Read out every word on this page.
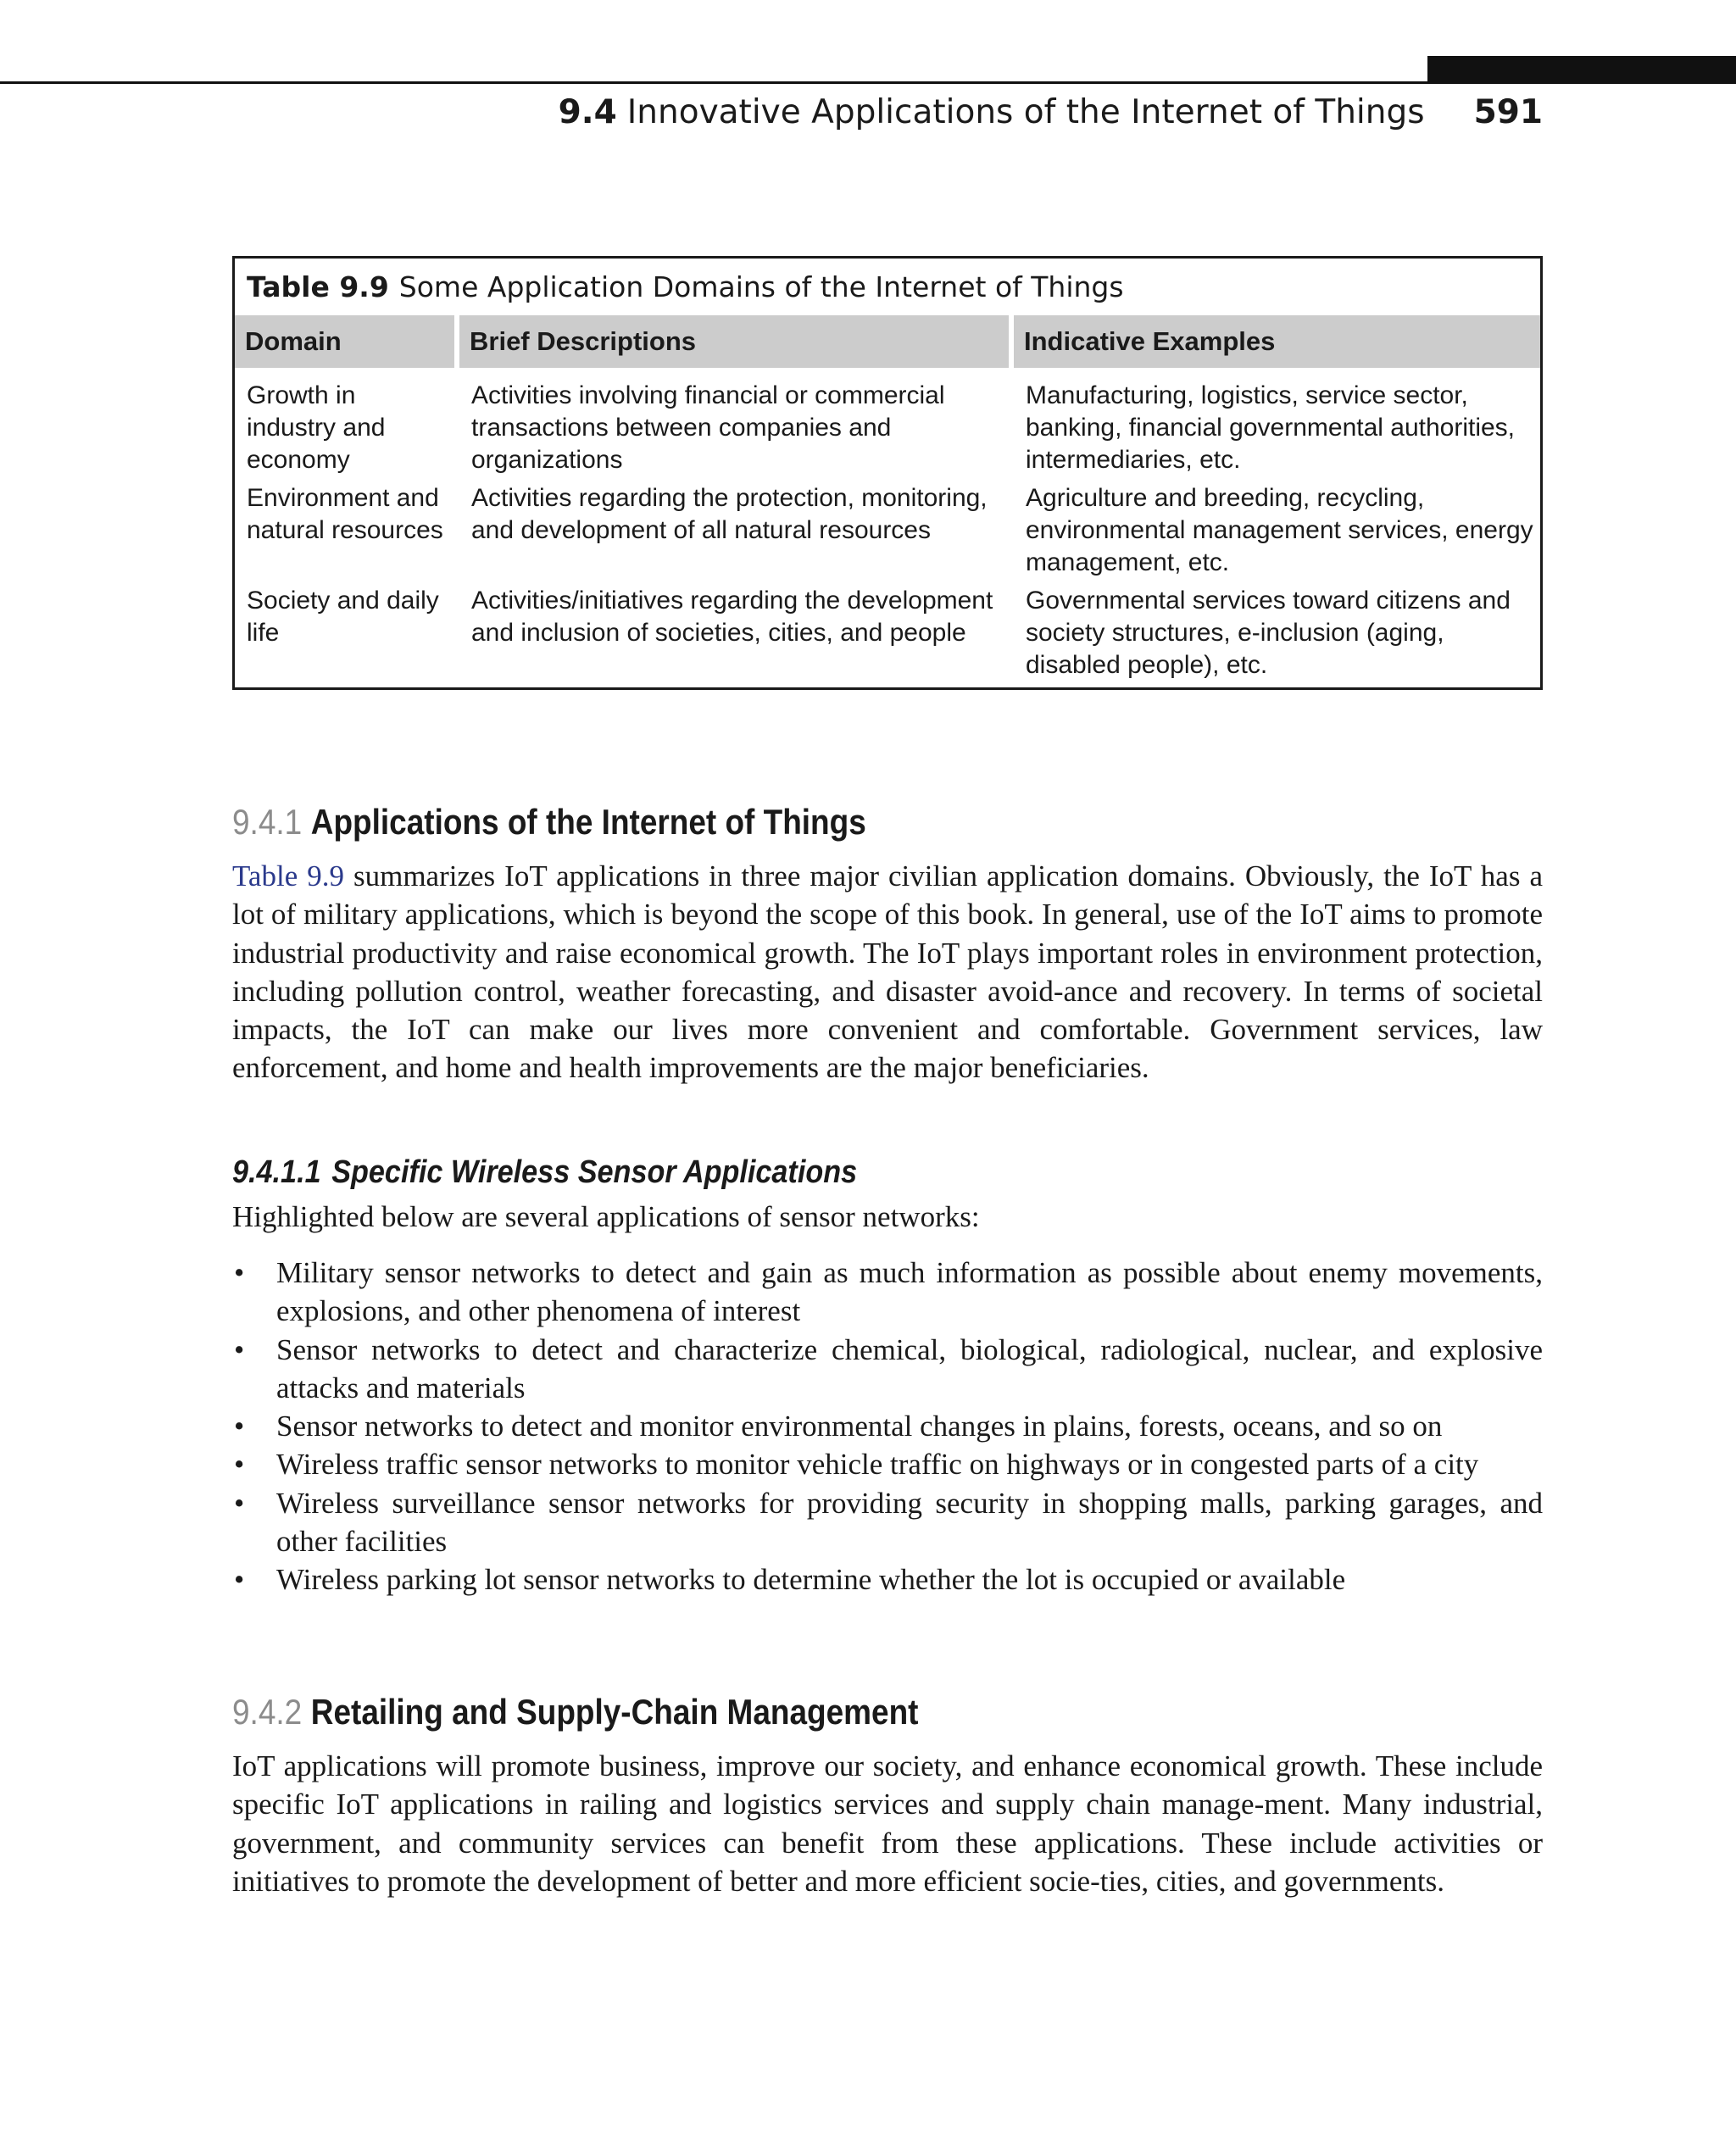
9.4 Innovative Applications of the Internet of Things 591
Table 9.9 Some Application Domains of the Internet of Things
Domain	Brief Descriptions	Indicative Examples
Growth in industry and economy
Activities involving financial or commercial transactions between companies and organizations
Manufacturing, logistics, service sector, banking, financial governmental authorities, intermediaries, etc.
Environment and natural resources
Activities regarding the protection, monitoring, and development of all natural resources
Agriculture and breeding, recycling, environmental management services, energy management, etc.
Society and daily life
Activities/initiatives regarding the development and inclusion of societies, cities, and people
Governmental services toward citizens and society structures, e-inclusion (aging, disabled people), etc.
9.4.1 Applications of the Internet of Things
Table 9.9 summarizes IoT applications in three major civilian application domains. Obviously, the IoT has a lot of military applications, which is beyond the scope of this book. In general, use of the IoT aims to promote industrial productivity and raise economical growth. The IoT plays important roles in environment protection, including pollution control, weather forecasting, and disaster avoid-ance and recovery. In terms of societal impacts, the IoT can make our lives more convenient and comfortable. Government services, law enforcement, and home and health improvements are the major beneficiaries.
9.4.1.1 Specific Wireless Sensor Applications
Highlighted below are several applications of sensor networks:
• Military sensor networks to detect and gain as much information as possible about enemy movements, explosions, and other phenomena of interest
• Sensor networks to detect and characterize chemical, biological, radiological, nuclear, and explosive attacks and materials
• Sensor networks to detect and monitor environmental changes in plains, forests, oceans, and so on
• Wireless traffic sensor networks to monitor vehicle traffic on highways or in congested parts of a city
• Wireless surveillance sensor networks for providing security in shopping malls, parking garages, and other facilities
• Wireless parking lot sensor networks to determine whether the lot is occupied or available
9.4.2 Retailing and Supply-Chain Management
IoT applications will promote business, improve our society, and enhance economical growth. These include specific IoT applications in railing and logistics services and supply chain manage-ment. Many industrial, government, and community services can benefit from these applications. These include activities or initiatives to promote the development of better and more efficient socie-ties, cities, and governments.
